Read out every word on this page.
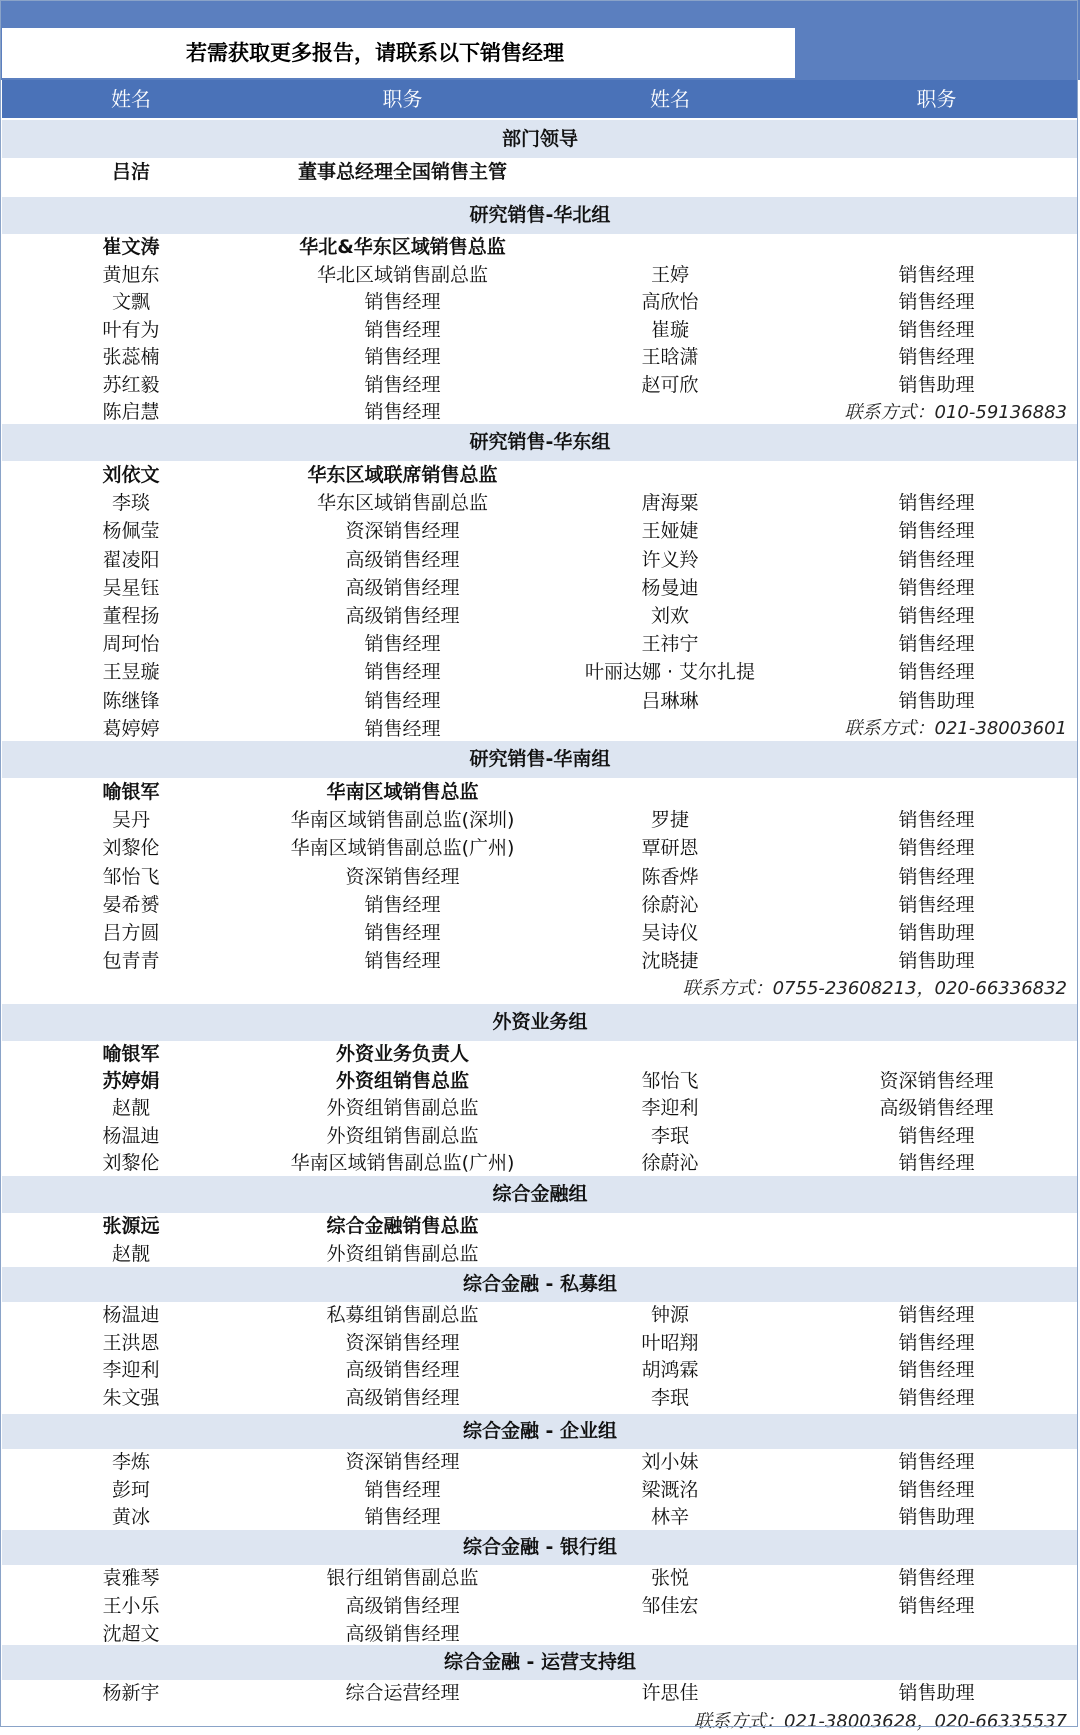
若需获取更多报告，请联系以下销售经理
姓名	职务	姓名	职务
部门领导
吕洁	董事总经理全国销售主管
研究销售-华北组
崔文涛	华北&华东区域销售总监
黄旭东	华北区域销售副总监	王婷	销售经理
文飘	销售经理	高欣怡	销售经理
叶有为	销售经理	崔璇	销售经理
张蕊楠	销售经理	王晗潇	销售经理
苏红毅	销售经理	赵可欣	销售助理
陈启慧	销售经理	联系方式：010-59136883
研究销售-华东组
刘依文	华东区域联席销售总监
李琰	华东区域销售副总监	唐海粟	销售经理
杨佩莹	资深销售经理	王娅婕	销售经理
翟凌阳	高级销售经理	许义羚	销售经理
吴星钰	高级销售经理	杨曼迪	销售经理
董程扬	高级销售经理	刘欢	销售经理
周珂怡	销售经理	王祎宁	销售经理
王昱璇	销售经理	叶丽达娜 · 艾尔扎提	销售经理
陈继锋	销售经理	吕琳琳	销售助理
葛婷婷	销售经理	联系方式：021-38003601
研究销售-华南组
喻银军	华南区域销售总监
吴丹	华南区域销售副总监(深圳)	罗捷	销售经理
刘黎伦	华南区域销售副总监(广州)	覃研恩	销售经理
邹怡飞	资深销售经理	陈香烨	销售经理
晏希赟	销售经理	徐蔚沁	销售经理
吕方圆	销售经理	吴诗仪	销售助理
包青青	销售经理	沈晓捷	销售助理
联系方式：0755-23608213，020-66336832
外资业务组
喻银军	外资业务负责人
苏婷娟	外资组销售总监	邹怡飞	资深销售经理
赵靓	外资组销售副总监	李迎利	高级销售经理
杨温迪	外资组销售副总监	李珉	销售经理
刘黎伦	华南区域销售副总监(广州)	徐蔚沁	销售经理
综合金融组
张源远	综合金融销售总监
赵靓	外资组销售副总监
综合金融 - 私募组
杨温迪	私募组销售副总监	钟源	销售经理
王洪恩	资深销售经理	叶昭翔	销售经理
李迎利	高级销售经理	胡鸿霖	销售经理
朱文强	高级销售经理	李珉	销售经理
综合金融 - 企业组
李炼	资深销售经理	刘小妹	销售经理
彭珂	销售经理	梁溉洺	销售经理
黄冰	销售经理	林辛	销售助理
综合金融 - 银行组
袁雅琴	银行组销售副总监	张悦	销售经理
王小乐	高级销售经理	邹佳宏	销售经理
沈超文	高级销售经理
综合金融 - 运营支持组
杨新宇	综合运营经理	许思佳	销售助理
联系方式：021-38003628，020-66335537
